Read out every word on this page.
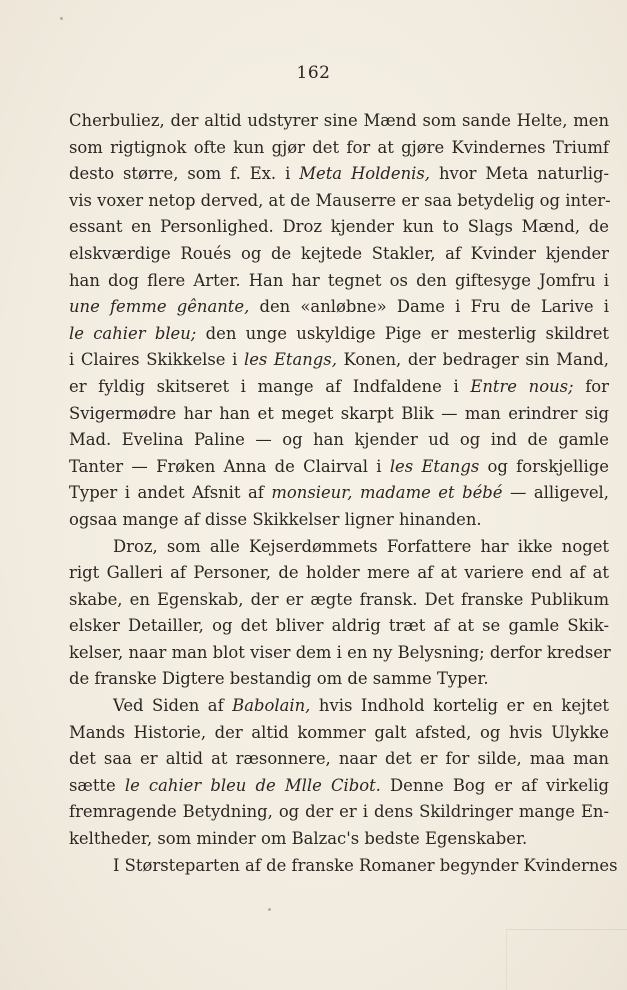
162
Cherbuliez, der altid udstyrer sine Mænd som sande Helte, men
som rigtignok ofte kun gjør det for at gjøre Kvindernes Triumf
desto større, som f. Ex. i Meta Holdenis, hvor Meta naturlig-
vis voxer netop derved, at de Mauserre er saa betydelig og inter-
essant en Personlighed. Droz kjender kun to Slags Mænd, de
elskværdige Roués og de kejtede Stakler, af Kvinder kjender
han dog flere Arter. Han har tegnet os den giftesyge Jomfru i
une femme gênante, den «anløbne» Dame i Fru de Larive i
le cahier bleu; den unge uskyldige Pige er mesterlig skildret
i Claires Skikkelse i les Etangs, Konen, der bedrager sin Mand,
er fyldig skitseret i mange af Indfaldene i Entre nous; for
Svigermødre har han et meget skarpt Blik — man erindrer sig
Mad. Evelina Paline — og han kjender ud og ind de gamle
Tanter — Frøken Anna de Clairval i les Etangs og forskjellige
Typer i andet Afsnit af monsieur, madame et bébé — alligevel,
ogsaa mange af disse Skikkelser ligner hinanden.
Droz, som alle Kejserdømmets Forfattere har ikke noget
rigt Galleri af Personer, de holder mere af at variere end af at
skabe, en Egenskab, der er ægte fransk. Det franske Publikum
elsker Detailler, og det bliver aldrig træt af at se gamle Skik-
kelser, naar man blot viser dem i en ny Belysning; derfor kredser
de franske Digtere bestandig om de samme Typer.
Ved Siden af Babolain, hvis Indhold kortelig er en kejtet
Mands Historie, der altid kommer galt afsted, og hvis Ulykke
det saa er altid at ræsonnere, naar det er for silde, maa man
sætte le cahier bleu de Mlle Cibot. Denne Bog er af virkelig
fremragende Betydning, og der er i dens Skildringer mange En-
keltheder, som minder om Balzac's bedste Egenskaber.
I Størsteparten af de franske Romaner begynder Kvindernes
